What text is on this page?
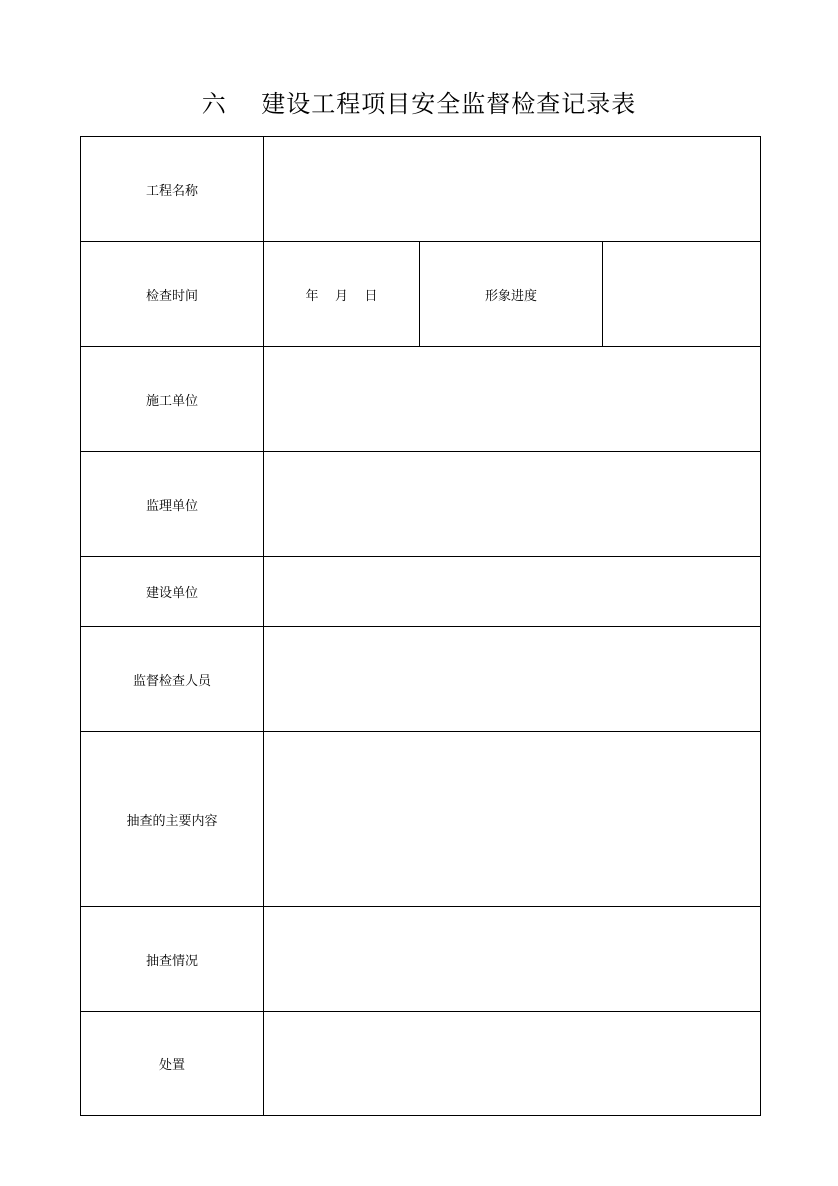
六    建设工程项目安全监督检查记录表
工程名称			
检查时间	年    月    日	形象进度	
施工单位			
监理单位			
建设单位			
监督检查人员			
抽查的主要内容			
抽查情况			
处置			
